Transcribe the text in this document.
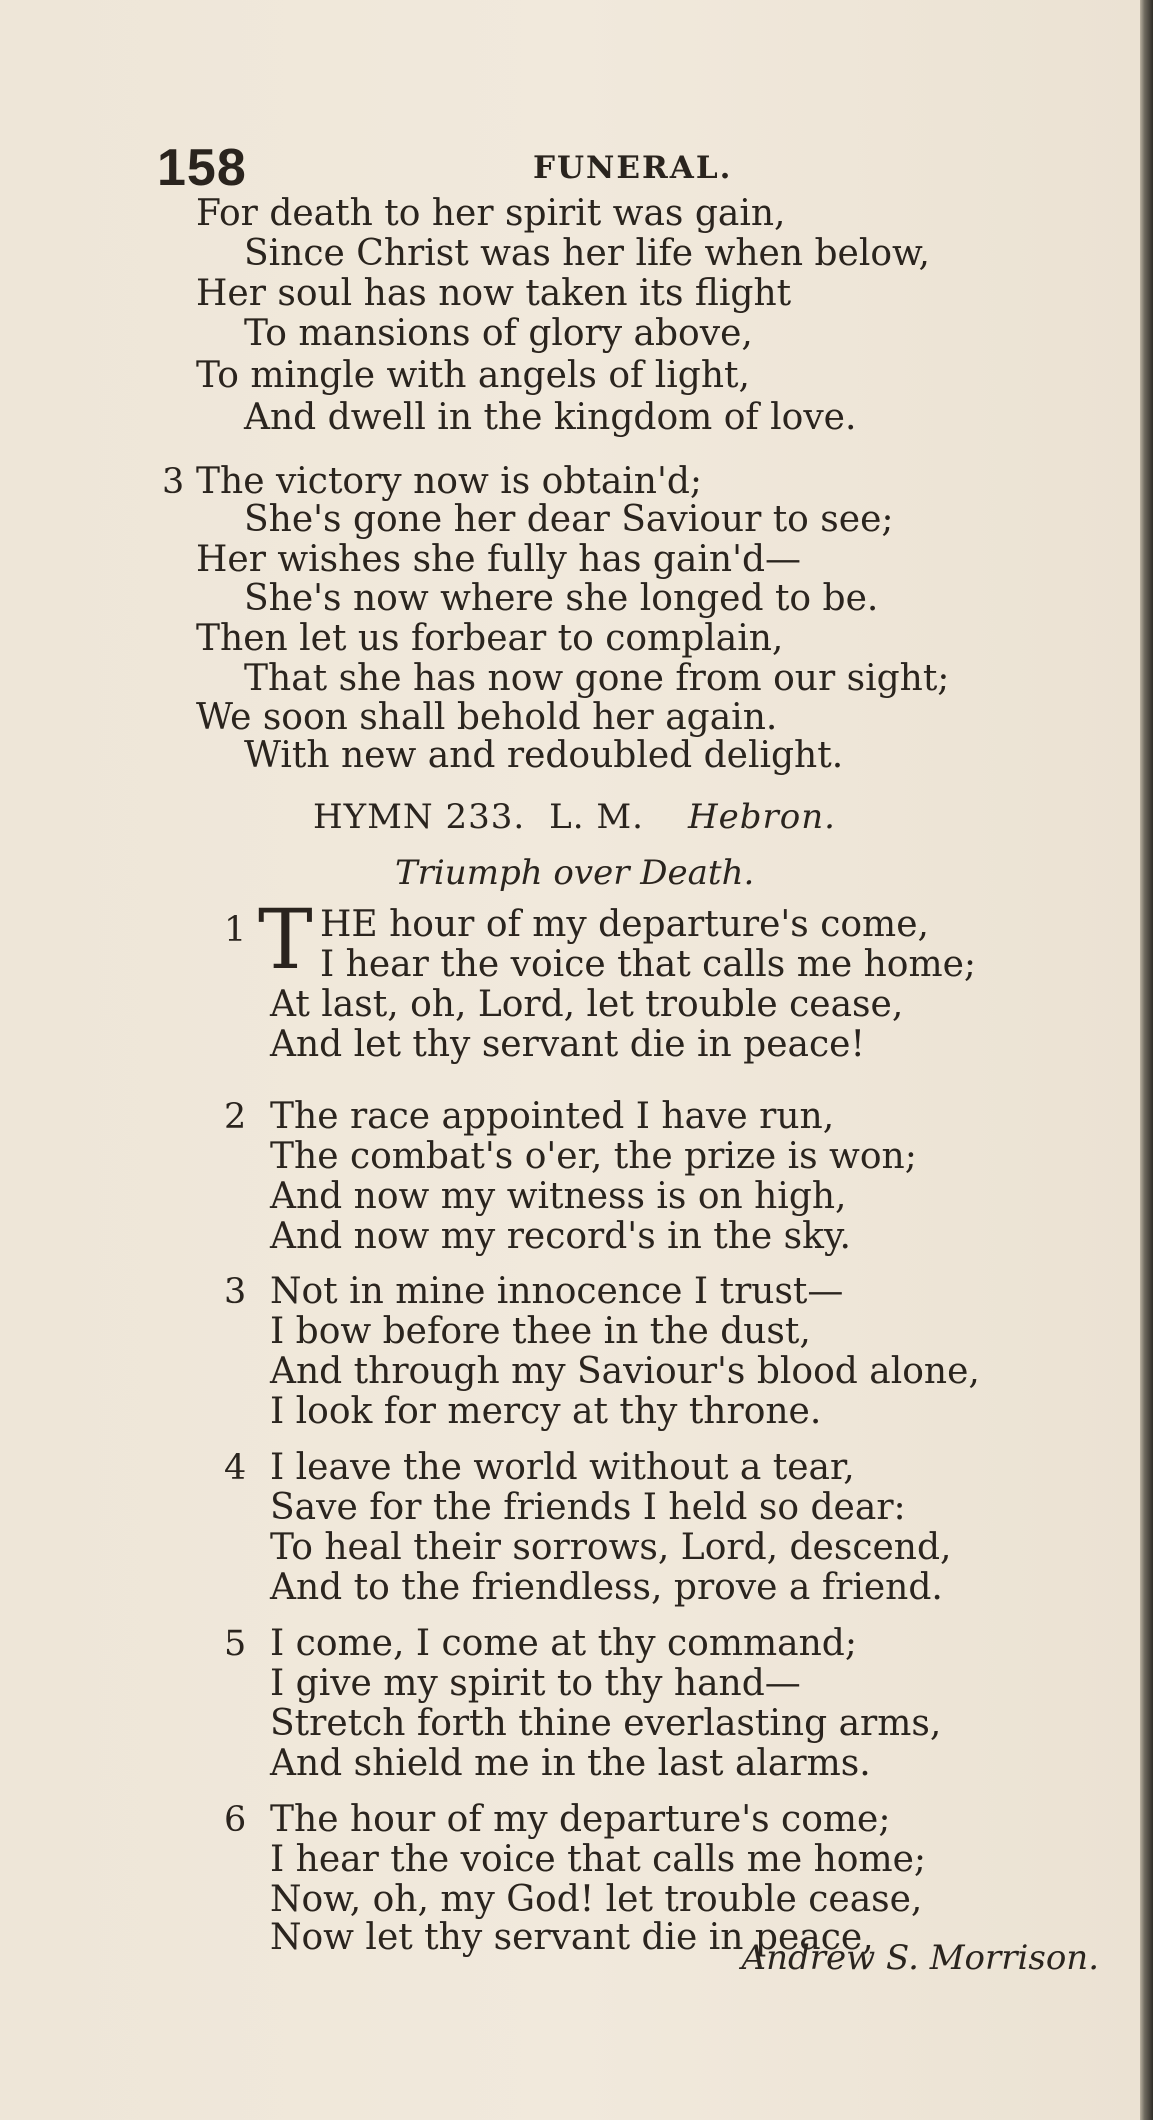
158	FUNERAL.
For death to her spirit was gain,
Since Christ was her life when below,
Her soul has now taken its flight
To mansions of glory above,
To mingle with angels of light,
And dwell in the kingdom of love.
3 The victory now is obtain'd;
She's gone her dear Saviour to see;
Her wishes she fully has gain'd—
She's now where she longed to be.
Then let us forbear to complain,
That she has now gone from our sight;
We soon shall behold her again.
With new and redoubled delight.
HYMN 233. L. M. Hebron.
Triumph over Death.
1 T HE hour of my departure's come,
I hear the voice that calls me home;
At last, oh, Lord, let trouble cease,
And let thy servant die in peace!
2 The race appointed I have run,
The combat's o'er, the prize is won;
And now my witness is on high,
And now my record's in the sky.
3 Not in mine innocence I trust—
I bow before thee in the dust,
And through my Saviour's blood alone,
I look for mercy at thy throne.
4 I leave the world without a tear,
Save for the friends I held so dear:
To heal their sorrows, Lord, descend,
And to the friendless, prove a friend.
5 I come, I come at thy command;
I give my spirit to thy hand—
Stretch forth thine everlasting arms,
And shield me in the last alarms.
6 The hour of my departure's come;
I hear the voice that calls me home;
Now, oh, my God! let trouble cease,
Now let thy servant die in peace,
Andrew S. Morrison.
